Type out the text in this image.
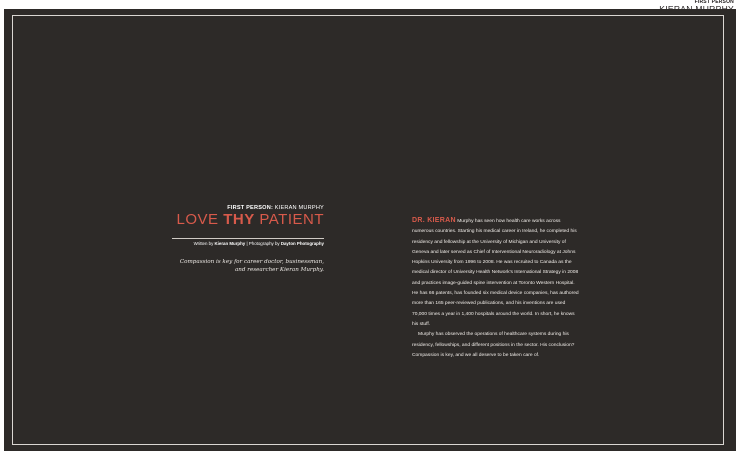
FIRST PERSON
FIRST PERSON: KIERAN MURPHY
LOVE THY PATIENT
Written by Kieran Murphy | Photography by Dayton Photography
Compassion is key for career doctor, businessman, and researcher Kieran Murphy.

DR. KIERAN Murphy has seen how health care works across numerous countries. Starting his medical career in Ireland, he completed his residency and fellowship at the University of Michigan and University of Geneva and later served as Chief of Interventional Neuroradiology at Johns Hopkins University from 1996 to 2008. He was recruited to Canada as the medical director of University Health Network's International Strategy in 2008 and practices image-guided spine intervention at Toronto Western Hospital. He has 66 patents, has founded six medical device companies, has authored more than 165 peer-reviewed publications, and his inventions are used 70,000 times a year in 1,400 hospitals around the world. In short, he knows his stuff.

Murphy has observed the operations of healthcare systems during his residency, fellowships, and different positions in the sector. His conclusion? Compassion is key, and we all deserve to be taken care of.
